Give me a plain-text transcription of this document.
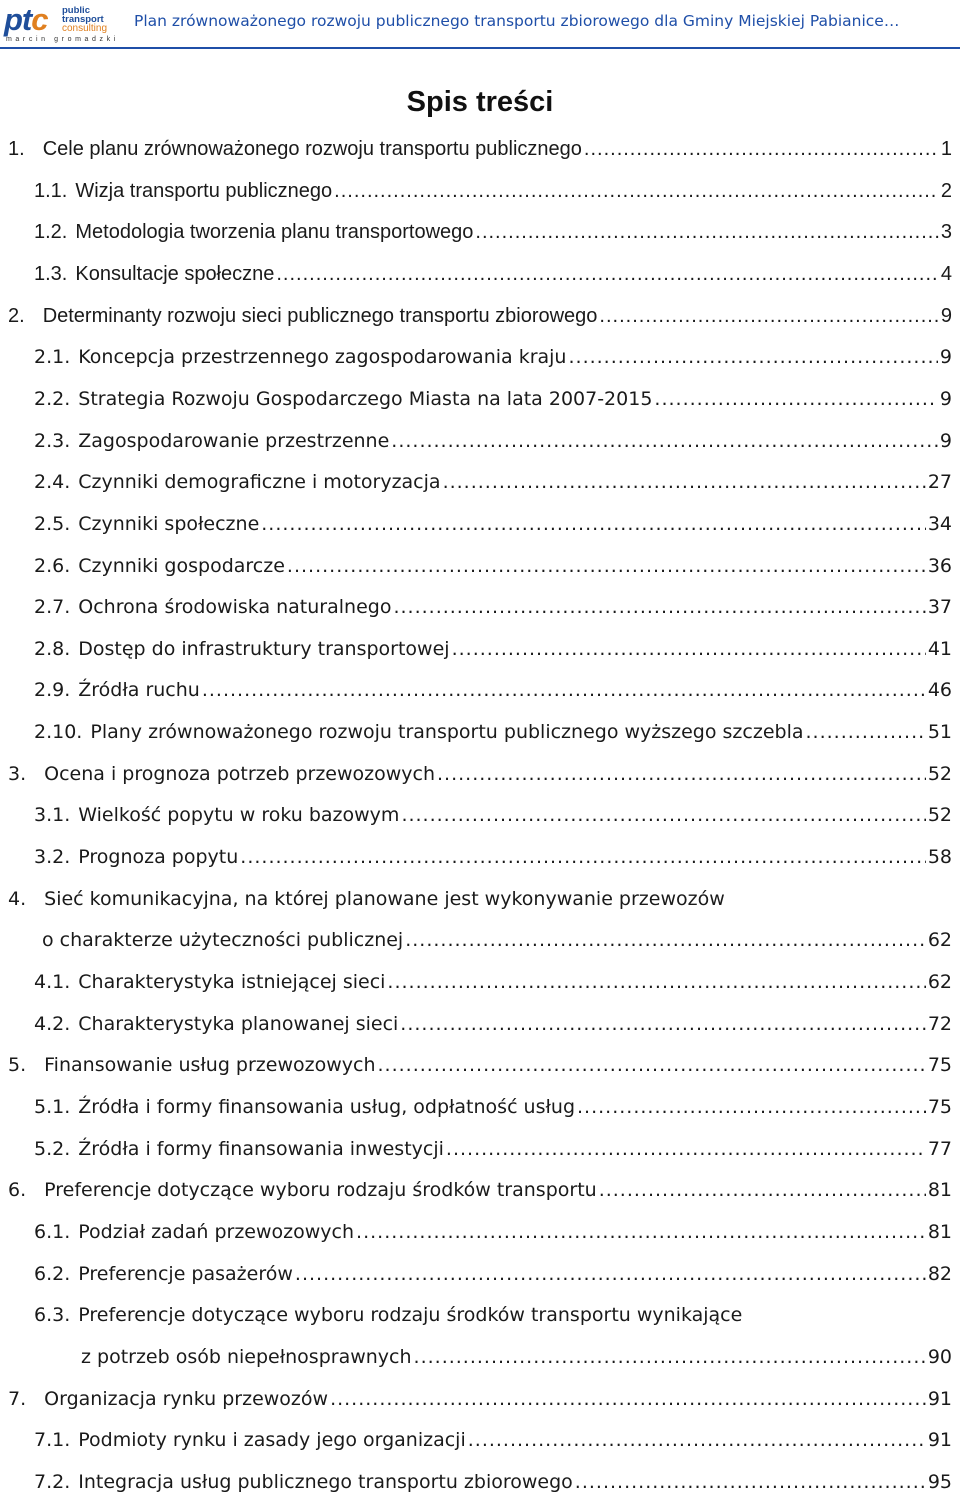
ptc public
transport
consulting
marcin gromadzki
Plan zrównoważonego rozwoju publicznego transportu zbiorowego dla Gminy Miejskiej Pabianice…
Spis treści
1. Cele planu zrównoważonego rozwoju transportu publicznego .....	1
1.1. Wizja transportu publicznego .....	2
1.2. Metodologia tworzenia planu transportowego .....	3
1.3. Konsultacje społeczne .....	4
2. Determinanty rozwoju sieci publicznego transportu zbiorowego .....	9
2.1. Koncepcja przestrzennego zagospodarowania kraju .....	9
2.2. Strategia Rozwoju Gospodarczego Miasta na lata 2007-2015 .....	9
2.3. Zagospodarowanie przestrzenne .....	9
2.4. Czynniki demograficzne i motoryzacja .....	27
2.5. Czynniki społeczne .....	34
2.6. Czynniki gospodarcze .....	36
2.7. Ochrona środowiska naturalnego .....	37
2.8. Dostęp do infrastruktury transportowej .....	41
2.9. Źródła ruchu .....	46
2.10. Plany zrównoważonego rozwoju transportu publicznego wyższego szczebla .....	51
3. Ocena i prognoza potrzeb przewozowych .....	52
3.1. Wielkość popytu w roku bazowym .....	52
3.2. Prognoza popytu .....	58
4. Sieć komunikacyjna, na której planowane jest wykonywanie przewozów
o charakterze użyteczności publicznej .....	62
4.1. Charakterystyka istniejącej sieci .....	62
4.2. Charakterystyka planowanej sieci .....	72
5. Finansowanie usług przewozowych .....	75
5.1. Źródła i formy finansowania usług, odpłatność usług .....	75
5.2. Źródła i formy finansowania inwestycji .....	77
6. Preferencje dotyczące wyboru rodzaju środków transportu .....	81
6.1. Podział zadań przewozowych .....	81
6.2. Preferencje pasażerów .....	82
6.3. Preferencje dotyczące wyboru rodzaju środków transportu wynikające
z potrzeb osób niepełnosprawnych .....	90
7. Organizacja rynku przewozów .....	91
7.1. Podmioty rynku i zasady jego organizacji .....	91
7.2. Integracja usług publicznego transportu zbiorowego .....	95
